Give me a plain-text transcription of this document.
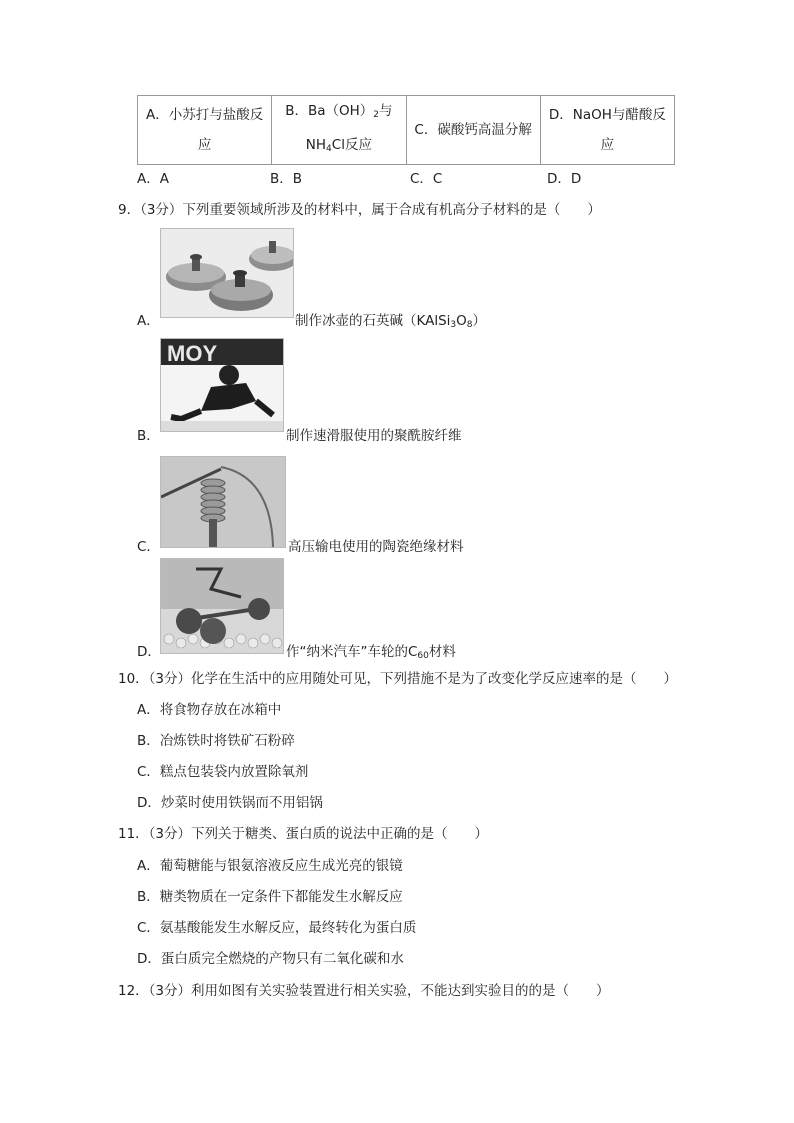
A．小苏打与盐酸反应	B．$Ba(OH)_2$与$NH_4Cl$反应	C．碳酸钙高温分解	D．NaOH与醋酸反应
A．A	B．B	C．C	D．D
9．（3分）下列重要领域所涉及的材料中，属于合成有机高分子材料的是（　　）
A．	制作冰壶的石英碱$(KAlSi_3O_8)$
MOY
B．	制作速滑服使用的聚酰胺纤维
C．	高压输电使用的陶瓷绝缘材料
D．	作“纳米汽车”车轮的$C_{60}$材料
10．（3分）化学在生活中的应用随处可见，下列措施不是为了改变化学反应速率的是（　　）
A．将食物存放在冰箱中
B．冶炼铁时将铁矿石粉碎
C．糕点包装袋内放置除氧剂
D．炒菜时使用铁锅而不用铝锅
11．（3分）下列关于糖类、蛋白质的说法中正确的是（　　）
A．葡萄糖能与银氨溶液反应生成光亮的银镜
B．糖类物质在一定条件下都能发生水解反应
C．氨基酸能发生水解反应，最终转化为蛋白质
D．蛋白质完全燃烧的产物只有二氧化碳和水
12．（3分）利用如图有关实验装置进行相关实验，不能达到实验目的的是（　　）
